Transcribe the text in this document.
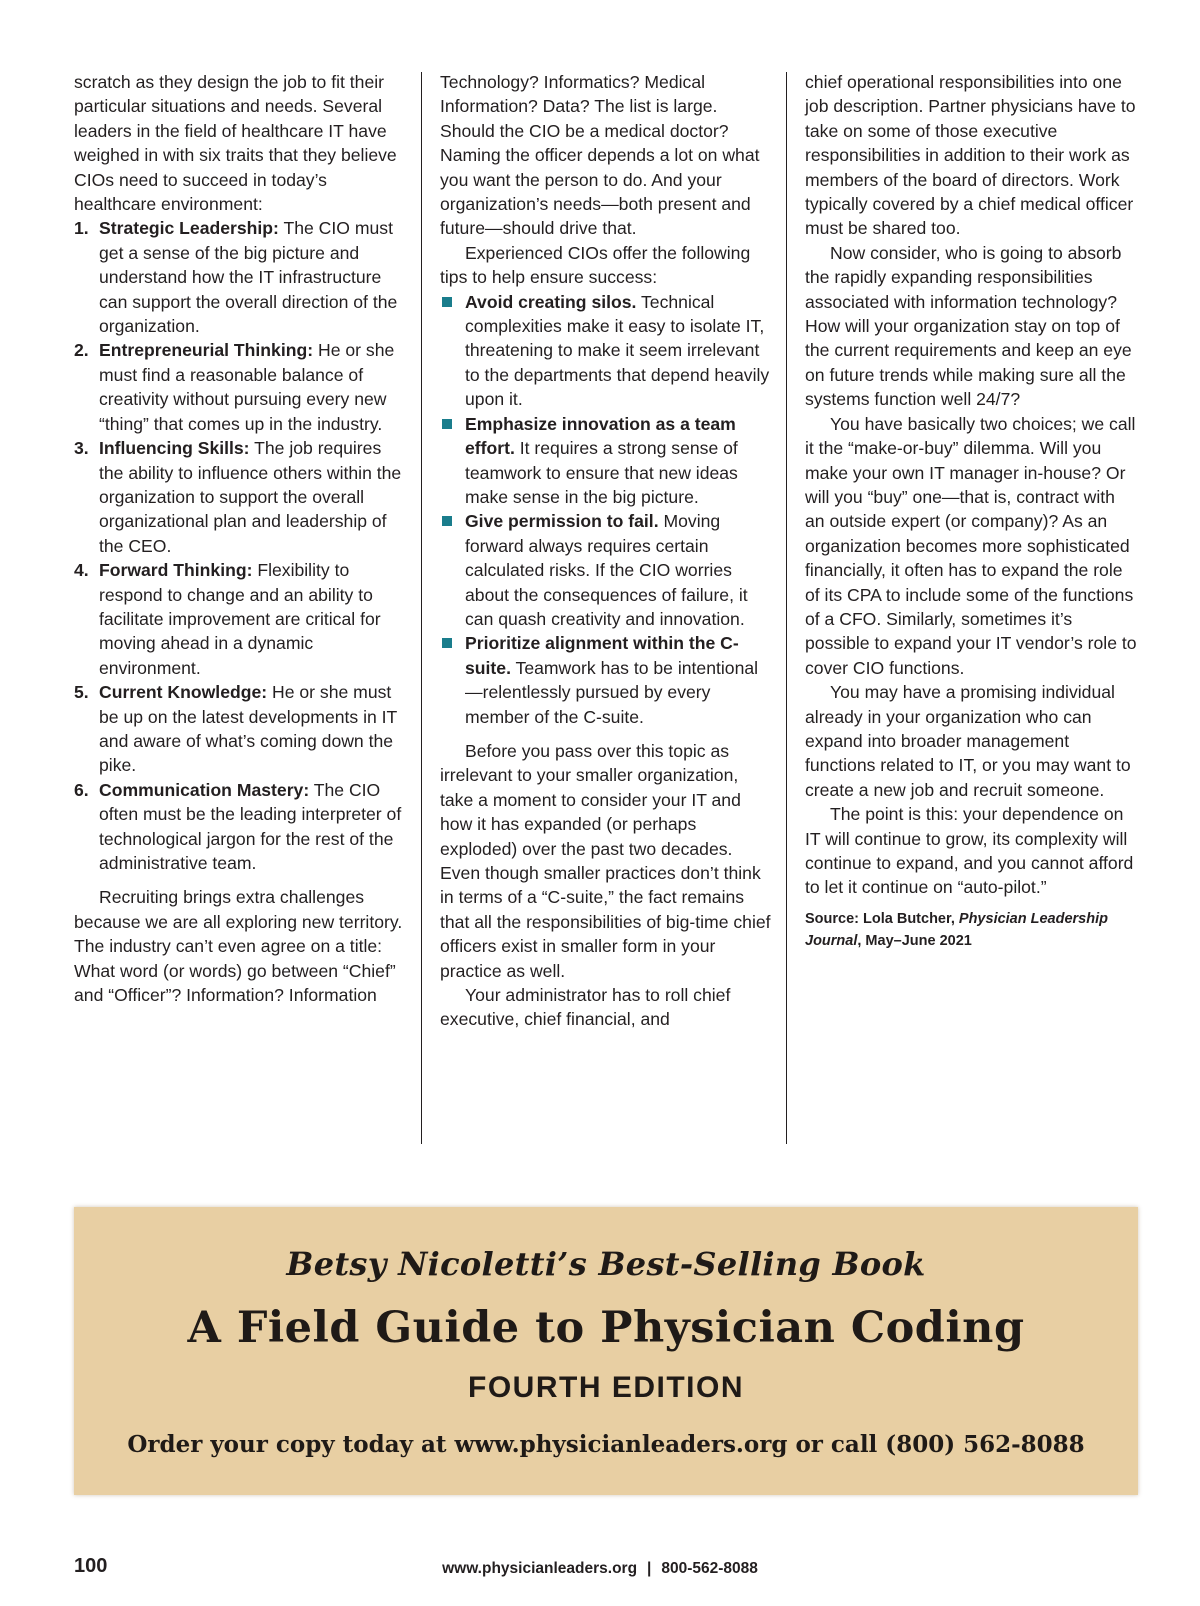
scratch as they design the job to fit their particular situations and needs. Several leaders in the field of healthcare IT have weighed in with six traits that they believe CIOs need to succeed in today’s healthcare environment:

1. Strategic Leadership: The CIO must get a sense of the big picture and understand how the IT infrastructure can support the overall direction of the organization.
2. Entrepreneurial Thinking: He or she must find a reasonable balance of creativity without pursuing every new “thing” that comes up in the industry.
3. Influencing Skills: The job requires the ability to influence others within the organization to support the overall organizational plan and leadership of the CEO.
4. Forward Thinking: Flexibility to respond to change and an ability to facilitate improvement are critical for moving ahead in a dynamic environment.
5. Current Knowledge: He or she must be up on the latest developments in IT and aware of what’s coming down the pike.
6. Communication Mastery: The CIO often must be the leading interpreter of technological jargon for the rest of the administrative team.

Recruiting brings extra challenges because we are all exploring new territory. The industry can’t even agree on a title: What word (or words) go between “Chief” and “Officer”? Information? Information

Technology? Informatics? Medical Information? Data? The list is large. Should the CIO be a medical doctor? Naming the officer depends a lot on what you want the person to do. And your organization’s needs—both present and future—should drive that.

Experienced CIOs offer the following tips to help ensure success:

Avoid creating silos. Technical complexities make it easy to isolate IT, threatening to make it seem irrelevant to the departments that depend heavily upon it.
Emphasize innovation as a team effort. It requires a strong sense of teamwork to ensure that new ideas make sense in the big picture.
Give permission to fail. Moving forward always requires certain calculated risks. If the CIO worries about the consequences of failure, it can quash creativity and innovation.
Prioritize alignment within the C-suite. Teamwork has to be intentional—relentlessly pursued by every member of the C-suite.

Before you pass over this topic as irrelevant to your smaller organization, take a moment to consider your IT and how it has expanded (or perhaps exploded) over the past two decades. Even though smaller practices don’t think in terms of a “C-suite,” the fact remains that all the responsibilities of big-time chief officers exist in smaller form in your practice as well.

Your administrator has to roll chief executive, chief financial, and

chief operational responsibilities into one job description. Partner physicians have to take on some of those executive responsibilities in addition to their work as members of the board of directors. Work typically covered by a chief medical officer must be shared too.

Now consider, who is going to absorb the rapidly expanding responsibilities associated with information technology? How will your organization stay on top of the current requirements and keep an eye on future trends while making sure all the systems function well 24/7?

You have basically two choices; we call it the “make-or-buy” dilemma. Will you make your own IT manager in-house? Or will you “buy” one—that is, contract with an outside expert (or company)? As an organization becomes more sophisticated financially, it often has to expand the role of its CPA to include some of the functions of a CFO. Similarly, sometimes it’s possible to expand your IT vendor’s role to cover CIO functions.

You may have a promising individual already in your organization who can expand into broader management functions related to IT, or you may want to create a new job and recruit someone.

The point is this: your dependence on IT will continue to grow, its complexity will continue to expand, and you cannot afford to let it continue on “auto-pilot.”

Source: Lola Butcher, Physician Leadership Journal, May–June 2021

Betsy Nicoletti’s Best-Selling Book
A Field Guide to Physician Coding
FOURTH EDITION
Order your copy today at www.physicianleaders.org or call (800) 562-8088
100	www.physicianleaders.org | 800-562-8088
